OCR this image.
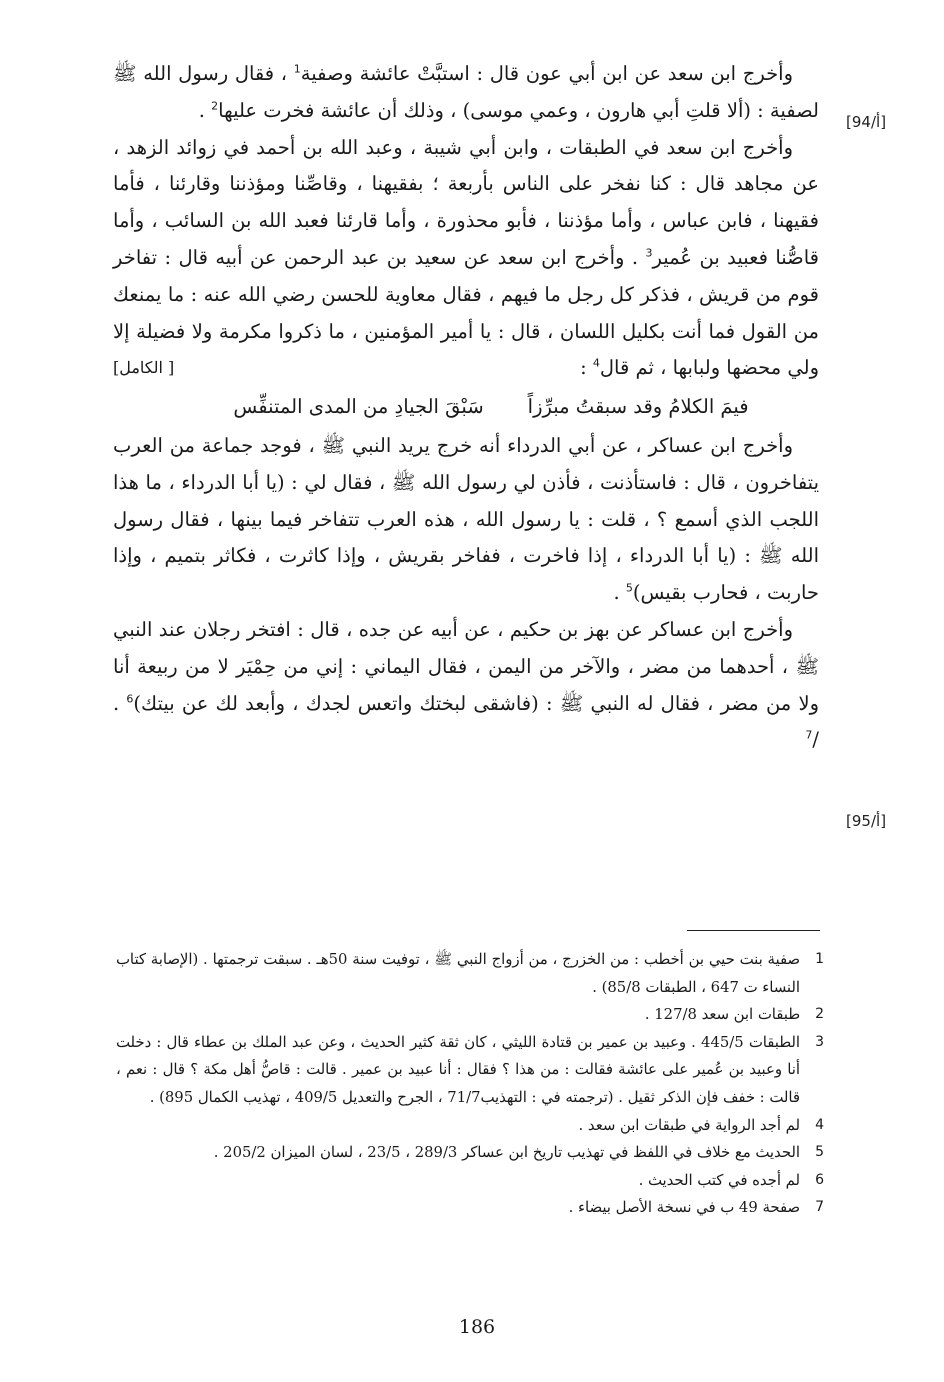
[أ/94]
[أ/95]

وأخرج ابن سعد عن ابن أبي عون قال : استبَّتْ عائشة وصفية$^1$ ، فقال رسول الله ﷺ لصفية : (ألا قلتِ أبي هارون ، وعمي موسى) ، وذلك أن عائشة فخرت عليها$^2$ .

وأخرج ابن سعد في الطبقات ، وابن أبي شيبة ، وعبد الله بن أحمد في زوائد الزهد ، عن مجاهد قال : كنا نفخر على الناس بأربعة ؛ بفقيهنا ، وقاصِّنا ومؤذننا وقارئنا ، فأما فقيهنا ، فابن عباس ، وأما مؤذننا ، فأبو محذورة ، وأما قارئنا فعبد الله بن السائب ، وأما قاصُّنا فعبيد بن عُمير$^3$ . وأخرج ابن سعد عن سعيد بن عبد الرحمن عن أبيه قال : تفاخر قوم من قريش ، فذكر كل رجل ما فيهم ، فقال معاوية للحسن رضي الله عنه : ما يمنعك من القول فما أنت بكليل اللسان ، قال : يا أمير المؤمنين ، ما ذكروا مكرمة ولا فضيلة إلا ولي محضها ولبابها ، ثم قال$^4$ :
[ الكامل]

فيمَ الكلامُ وقد سبقتُ مبرِّزاً
سَبْقَ الجيادِ من المدى المتنفِّس

وأخرج ابن عساكر ، عن أبي الدرداء أنه خرج يريد النبي ﷺ ، فوجد جماعة من العرب يتفاخرون ، قال : فاستأذنت ، فأذن لي رسول الله ﷺ ، فقال لي : (يا أبا الدرداء ، ما هذا اللجب الذي أسمع ؟ ، قلت : يا رسول الله ، هذه العرب تتفاخر فيما بينها ، فقال رسول الله ﷺ : (يا أبا الدرداء ، إذا فاخرت ، ففاخر بقريش ، وإذا كاثرت ، فكاثر بتميم ، وإذا حاربت ، فحارب بقيس)$^5$ .

وأخرج ابن عساكر عن بهز بن حكيم ، عن أبيه عن جده ، قال : افتخر رجلان عند النبي ﷺ ، أحدهما من مضر ، والآخر من اليمن ، فقال اليماني : إني من حِمْيَر لا من ربيعة أنا ولا من مضر ، فقال له النبي ﷺ : (فاشقى لبختك واتعس لجدك ، وأبعد لك عن بيتك)$^6$ . /$^7$

1
صفية بنت حيي بن أخطب : من الخزرج ، من أزواج النبي ﷺ ، توفيت سنة 50هـ . سبقت ترجمتها . (الإصابة كتاب النساء ت 647 ، الطبقات 85/8) .
2
طبقات ابن سعد 127/8 .
3
الطبقات 445/5 . وعبيد بن عمير بن قتادة الليثي ، كان ثقة كثير الحديث ، وعن عبد الملك بن عطاء قال : دخلت أنا وعبيد بن عُمير على عائشة فقالت : من هذا ؟ فقال : أنا عبيد بن عمير . قالت : قاصُّ أهل مكة ؟ قال : نعم ، قالت : خفف فإن الذكر ثقيل . (ترجمته في : التهذيب71/7 ، الجرح والتعديل 409/5 ، تهذيب الكمال 895) .
4
لم أجد الرواية في طبقات ابن سعد .
5
الحديث مع خلاف في اللفظ في تهذيب تاريخ ابن عساكر 289/3 ، 23/5 ، لسان الميزان 205/2 .
6
لم أجده في كتب الحديث .
7
صفحة 49 ب في نسخة الأصل بيضاء .
186
